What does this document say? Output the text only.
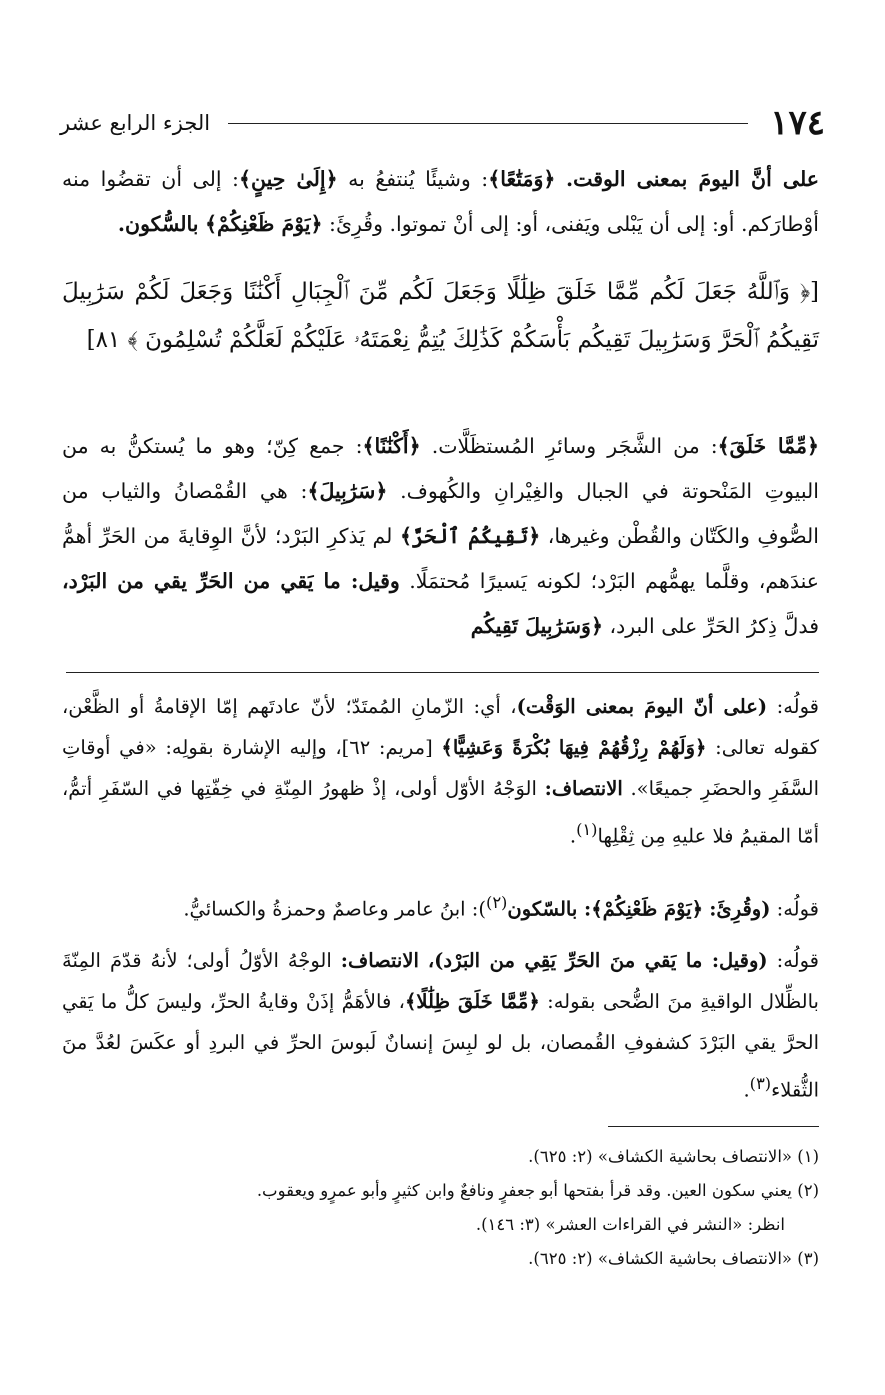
١٧٤
الجزء الرابع عشر

على أنَّ اليومَ بمعنى الوقت. ﴿وَمَتَٰعًا﴾: وشيئًا يُنتفعُ به ﴿إِلَىٰ حِينٍ﴾: إلى أن تقضُوا منه أوْطارَكم. أو: إلى أن يَبْلى ويَفنى، أو: إلى أنْ تموتوا. وقُرِئَ: ﴿يَوْمَ ظَعْنِكُمْ﴾ بالسُّكون.

[﴿ وَٱللَّهُ جَعَلَ لَكُم مِّمَّا خَلَقَ ظِلَٰلًا وَجَعَلَ لَكُم مِّنَ ٱلْجِبَالِ أَكْنَٰنًا وَجَعَلَ لَكُمْ سَرَٰبِيلَ تَقِيكُمُ ٱلْحَرَّ وَسَرَٰبِيلَ تَقِيكُم بَأْسَكُمْ كَذَٰلِكَ يُتِمُّ نِعْمَتَهُۥ عَلَيْكُمْ لَعَلَّكُمْ تُسْلِمُونَ ﴾ ٨١]

﴿مِّمَّا خَلَقَ﴾: من الشَّجَر وسائرِ المُستظَلَّات. ﴿أَكْنَٰنًا﴾: جمع كِنّ؛ وهو ما يُستكنُّ به من البيوتِ المَنْحوتة في الجبال والغِيْرانِ والكُهوف. ﴿سَرَٰبِيلَ﴾: هي القُمْصانُ والثياب من الصُّوفِ والكَتّان والقُطْن وغيرها، ﴿تَقِيكُمُ ٱلْحَرَّ﴾ لم يَذكرِ البَرْد؛ لأنَّ الوِقايةَ من الحَرِّ أهمُّ عندَهم، وقلَّما يهمُّهم البَرْد؛ لكونه يَسيرًا مُحتمَلًا. وقيل: ما يَقي من الحَرِّ يقي من البَرْد، فدلَّ ذِكرُ الحَرِّ على البرد، ﴿وَسَرَٰبِيلَ تَقِيكُم

قولُه: (على أنّ اليومَ بمعنى الوَقْت)، أي: الزّمانِ المُمتَدّ؛ لأنّ عادتَهم إمّا الإقامةُ أو الظَّعْن، كقوله تعالى: ﴿وَلَهُمْ رِزْقُهُمْ فِيهَا بُكْرَةً وَعَشِيًّا﴾ [مريم: ٦٢]، وإليه الإشارة بقولِه: «في أوقاتِ السَّفَرِ والحضَرِ جميعًا». الانتصاف: الوَجْهُ الأوّل أولى، إذْ ظهورُ المِنّةِ في خِفّتِها في السّفَرِ أتمُّ، أمّا المقيمُ فلا عليهِ مِن ثِقْلِها$^{(١)}$.

قولُه: (وقُرِئَ: ﴿يَوْمَ ظَعْنِكُمْ﴾: بالسّكون$^{(٢)}$): ابنُ عامر وعاصمٌ وحمزةُ والكسائيُّ.

قولُه: (وقيل: ما يَقي منَ الحَرِّ يَقِي من البَرْد)، الانتصاف: الوجْهُ الأوّلُ أولى؛ لأنهُ قدّمَ المِنّةَ بالظِّلال الواقيةِ منَ الضُّحى بقوله: ﴿مِّمَّا خَلَقَ ظِلَٰلًا﴾، فالأهَمُّ إذَنْ وقايةُ الحرِّ، وليسَ كلُّ ما يَقي الحرَّ يقي البَرْدَ كشفوفِ القُمصان، بل لو لبِسَ إنسانٌ لَبوسَ الحرِّ في البردِ أو عكَسَ لعُدَّ منَ الثُّقلاء$^{(٣)}$.

(١) «الانتصاف بحاشية الكشاف» (٢: ٦٢٥).

(٢) يعني سكون العين. وقد قرأ بفتحها أبو جعفرٍ ونافعٌ وابن كثيرٍ وأبو عمرٍو ويعقوب.

انظر: «النشر في القراءات العشر» (٣: ١٤٦).

(٣) «الانتصاف بحاشية الكشاف» (٢: ٦٢٥).
